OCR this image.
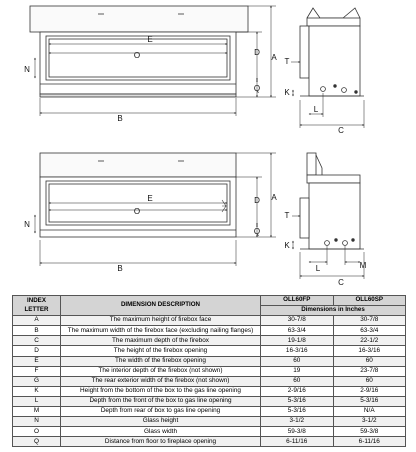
E
O
N
B
D
A
Q
T
K
L
C
E
O
N
B
D A
Q
T
K
L	M
C
INDEX LETTER	DIMENSION DESCRIPTION	OLL60FP	OLL60SP
		Dimensions in Inches	
A	The maximum height of firebox face	30-7/8	30-7/8
B	The maximum width of the firebox face (excluding nailing flanges)	63-3/4	63-3/4
C	The maximum depth of the firebox	19-1/8	22-1/2
D	The height of the firebox opening	16-3/16	16-3/16
E	The width of the firebox opening	60	60
F	The interior depth of the firebox (not shown)	19	23-7/8
G	The rear exterior width of the firebox (not shown)	60	60
K	Height from the bottom of the box to the gas line opening	2-9/16	2-9/16
L	Depth from the front of the box to gas line opening	5-3/16	5-3/16
M	Depth from rear of box to gas line opening	5-3/16	N/A
N	Glass height	3-1/2	3-1/2
O	Glass width	59-3/8	59-3/8
Q	Distance from floor to fireplace opening	6-11/16	6-11/16
